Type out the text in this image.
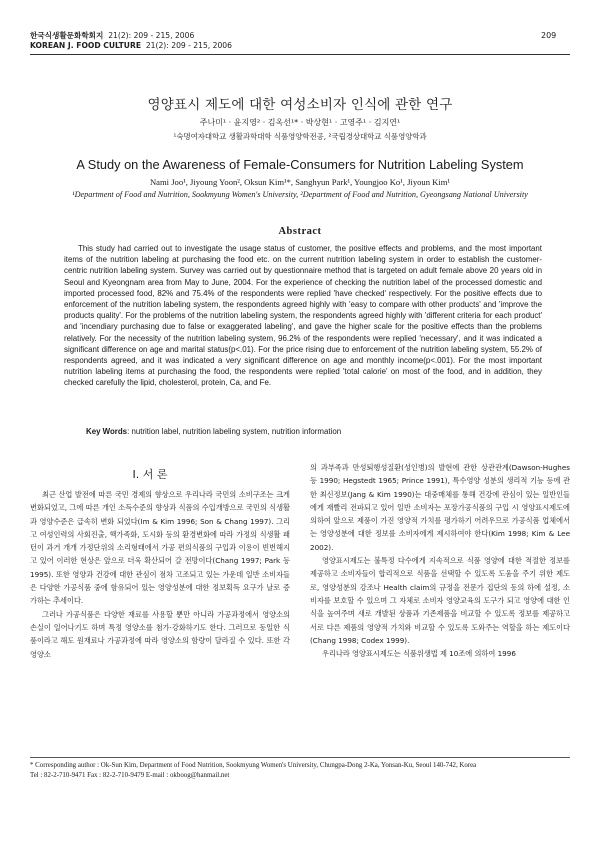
한국식생활문화학회지 21(2): 209 - 215, 2006
KOREAN J. FOOD CULTURE 21(2): 209 - 215, 2006
209
영양표시 제도에 대한 여성소비자 인식에 관한 연구
주나미¹ · 윤지영² · 김옥선¹* · 박상현¹ · 고영주¹ · 김지연¹
¹숙명여자대학교 생활과학대학 식품영양학전공, ²국립경상대학교 식품영양학과
A Study on the Awareness of Female-Consumers for Nutrition Labeling System
Nami Joo¹, Jiyoung Yoon², Oksun Kim¹*, Sanghyun Park¹, Youngjoo Ko¹, Jiyoun Kim¹
¹Department of Food and Nutrition, Sookmyung Women's University, ²Department of Food and Nutrition, Gyeongsang National University
Abstract

This study had carried out to investigate the usage status of customer, the positive effects and problems, and the most important items of the nutrition labeling at purchasing the food etc. on the current nutrition labeling system in order to establish the customer-centric nutrition labeling system. Survey was carried out by questionnaire method that is targeted on adult female above 20 years old in Seoul and Kyeongnam area from May to June, 2004. For the experience of checking the nutrition label of the processed domestic and imported processed food, 82% and 75.4% of the respondents were replied 'have checked' respectively. For the positive effects due to enforcement of the nutrition labeling system, the respondents agreed highly with 'easy to compare with other products' and 'improve the products quality'. For the problems of the nutrition labeling system, the respondents agreed highly with 'different criteria for each product' and 'incendiary purchasing due to false or exaggerated labeling', and gave the higher scale for the positive effects than the problems relatively. For the necessity of the nutrition labeling system, 96.2% of the respondents were replied 'necessary', and it was indicated a significant difference on age and marital status(p<.01). For the price rising due to enforcement of the nutrition labeling system, 55.2% of respondents agreed, and it was indicated a very significant difference on age and monthly income(p<.001). For the most important nutrition labeling items at purchasing the food, the respondents were replied 'total calorie' on most of the food, and in addition, they checked carefully the lipid, cholesterol, protein, Ca, and Fe.

Key Words: nutrition label, nutrition labeling system, nutrition information
I. 서 론

최근 산업 발전에 따른 국민 경제의 향상으로 우리나라 국민의 소비구조는 크게 변화되었고, 그에 따른 개인 소득수준의 향상과 식품의 수입개방으로 국민의 식생활과 영양수준은 급속히 변화 되었다(Im & Kim 1996; Son & Chang 1997). 그리고 여성인력의 사회진출, 핵가족화, 도시화 등의 환경변화에 따라 가정의 식생활 패턴이 과거 개개 가정단위의 소리형태에서 가공 편의식품의 구입과 이용이 빈번해지고 있어 이러한 현상은 앞으로 더욱 확산되어 갈 전망이다(Chang 1997; Park 등 1995). 또한 영양과 건강에 대한 관심이 점차 고조되고 있는 가운데 일반 소비자들은 다양한 가공식품 중에 함유되어 있는 영양성분에 대한 정보획득 요구가 날로 증가하는 추세이다.

그러나 가공식품은 다양한 재료를 사용할 뿐만 아니라 가공과정에서 영양소의 손실이 일어나기도 하며 특정 영양소를 첨가·강화하기도 한다. 그러므로 동일한 식품이라고 해도 원재료나 가공과정에 따라 영양소의 함량이 달라질 수 있다. 또한 각 영양소

의 과부족과 만성퇴행성질환(성인병)의 발현에 관한 상관관계(Dawson-Hughes 등 1990; Hegstedt 1965; Prince 1991), 특수영양 성분의 생리적 기능 등에 관한 최신정보(Jang & Kim 1990)는 대중매체를 통해 건강에 관심이 있는 일반인들에게 재빨리 전파되고 있어 일반 소비자는 포장가공식품의 구입 시 영양표시제도에 의하여 앞으로 제품이 가진 영양적 가치를 평가하기 어려우므로 가공식품 업체에서는 영양성분에 대한 정보를 소비자에게 제시하여야 한다(Kim 1998; Kim & Lee 2002).

영양표시제도는 불특정 다수에게 지속적으로 식품 영양에 대한 적절한 정보를 제공하고 소비자들이 합리적으로 식품을 선택할 수 있도록 도움을 주기 위한 제도로, 영양성분의 강조나 Health claim의 규정을 전문가 집단의 동의 하에 설정, 소비자를 보호할 수 있으며 그 자체로 소비자 영양교육의 도구가 되고 영양에 대한 인식을 높여주며 새로 개발된 상품과 기존제품을 비교할 수 있도록 정보를 제공하고 서로 다른 제품의 영양적 가치와 비교할 수 있도록 도와주는 역할을 하는 제도이다(Chang 1998; Codex 1999).

우리나라 영양표시제도는 식품위생법 제 10조에 의하여 1996

* Corresponding author : Ok-Sun Kim, Department of Food Nutrition, Sookmyung Women's University, Chungpa-Dong 2-Ka, Yonsan-Ku, Seoul 140-742, Korea
Tel : 82-2-710-9471 Fax : 82-2-710-9479 E-mail : okboog@hanmail.net
